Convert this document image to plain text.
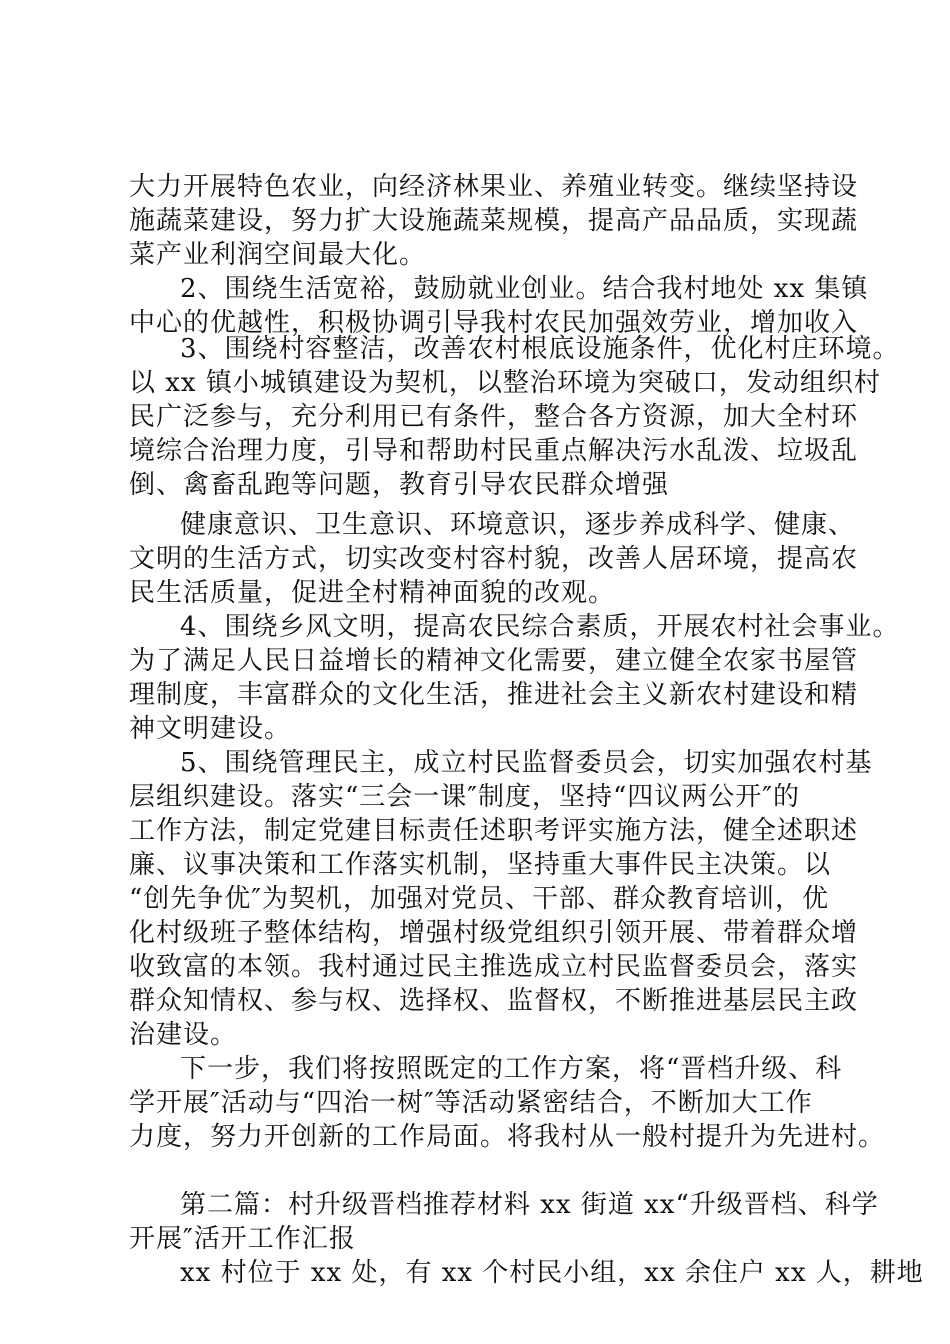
大力开展特色农业，向经济林果业、养殖业转变。继续坚持设
施蔬菜建设，努力扩大设施蔬菜规模，提高产品品质，实现蔬
菜产业利润空间最大化。
2、围绕生活宽裕，鼓励就业创业。结合我村地处 xx 集镇
中心的优越性，积极协调引导我村农民加强效劳业，增加收入
3、围绕村容整洁，改善农村根底设施条件，优化村庄环境。
以 xx 镇小城镇建设为契机，以整治环境为突破口，发动组织村
民广泛参与，充分利用已有条件，整合各方资源，加大全村环
境综合治理力度，引导和帮助村民重点解决污水乱泼、垃圾乱
倒、禽畜乱跑等问题，教育引导农民群众增强
健康意识、卫生意识、环境意识，逐步养成科学、健康、
文明的生活方式，切实改变村容村貌，改善人居环境，提高农
民生活质量，促进全村精神面貌的改观。
4、围绕乡风文明，提高农民综合素质，开展农村社会事业。
为了满足人民日益增长的精神文化需要，建立健全农家书屋管
理制度，丰富群众的文化生活，推进社会主义新农村建设和精
神文明建设。
5、围绕管理民主，成立村民监督委员会，切实加强农村基
层组织建设。落实“三会一课″制度，坚持“四议两公开″的
工作方法，制定党建目标责任述职考评实施方法，健全述职述
廉、议事决策和工作落实机制，坚持重大事件民主决策。以
“创先争优″为契机，加强对党员、干部、群众教育培训，优
化村级班子整体结构，增强村级党组织引领开展、带着群众增
收致富的本领。我村通过民主推选成立村民监督委员会，落实
群众知情权、参与权、选择权、监督权，不断推进基层民主政
治建设。
下一步，我们将按照既定的工作方案，将“晋档升级、科
学开展″活动与“四治一树″等活动紧密结合，不断加大工作
力度，努力开创新的工作局面。将我村从一般村提升为先进村。
第二篇：村升级晋档推荐材料 xx 街道 xx“升级晋档、科学
开展″活开工作汇报
xx 村位于 xx 处，有 xx 个村民小组，xx 余住户 xx 人，耕地
